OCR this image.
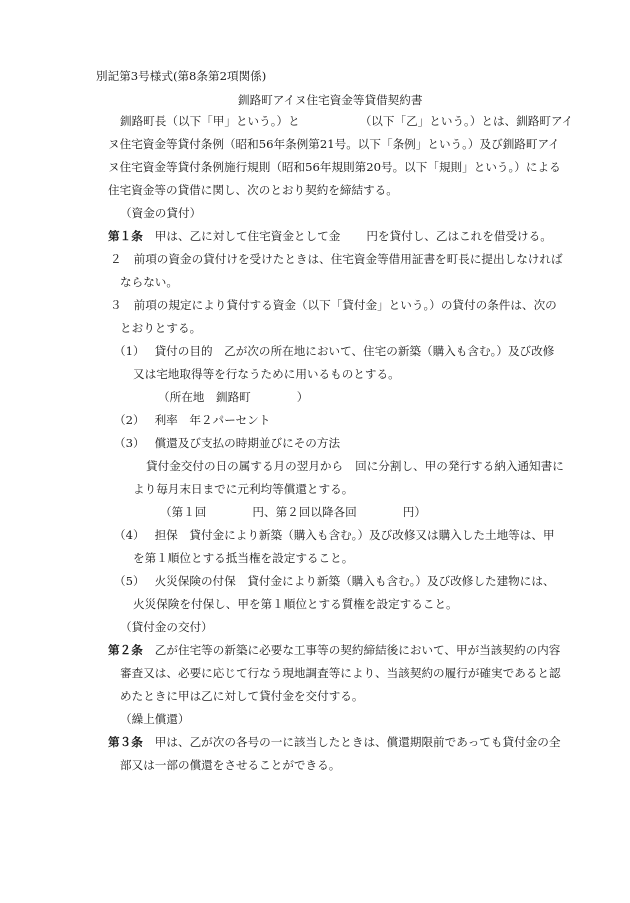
別記第3号様式(第8条第2項関係)
釧路町アイヌ住宅資金等貸借契約書
釧路町長（以下「甲」という。）と	（以下「乙」という。）とは、釧路町アイ
ヌ住宅資金等貸付条例（昭和56年条例第21号。以下「条例」という。）及び釧路町アイ
ヌ住宅資金等貸付条例施行規則（昭和56年規則第20号。以下「規則」という。）による
住宅資金等の貸借に関し、次のとおり契約を締結する。
（資金の貸付）
第１条 甲は、乙に対して住宅資金として金 円を貸付し、乙はこれを借受ける。
２ 前項の資金の貸付けを受けたときは、住宅資金等借用証書を町長に提出しなければ
ならない。
３ 前項の規定により貸付する資金（以下「貸付金」という。）の貸付の条件は、次の
とおりとする。
（1） 貸付の目的　乙が次の所在地において、住宅の新築（購入も含む。）及び改修
又は宅地取得等を行なうために用いるものとする。
（所在地　釧路町	）
（2） 利率　年２パーセント
（3） 償還及び支払の時期並びにその方法
貸付金交付の日の属する月の翌月から 回に分割し、甲の発行する納入通知書に
より毎月末日までに元利均等償還とする。
（第１回	円、第２回以降各回	円）
（4） 担保　貸付金により新築（購入も含む。）及び改修又は購入した土地等は、甲
を第１順位とする抵当権を設定すること。
（5） 火災保険の付保　貸付金により新築（購入も含む。）及び改修した建物には、
火災保険を付保し、甲を第１順位とする質権を設定すること。
（貸付金の交付）
第２条 乙が住宅等の新築に必要な工事等の契約締結後において、甲が当該契約の内容
審査又は、必要に応じて行なう現地調査等により、当該契約の履行が確実であると認
めたときに甲は乙に対して貸付金を交付する。
（繰上償還）
第３条 甲は、乙が次の各号の一に該当したときは、償還期限前であっても貸付金の全
部又は一部の償還をさせることができる。
